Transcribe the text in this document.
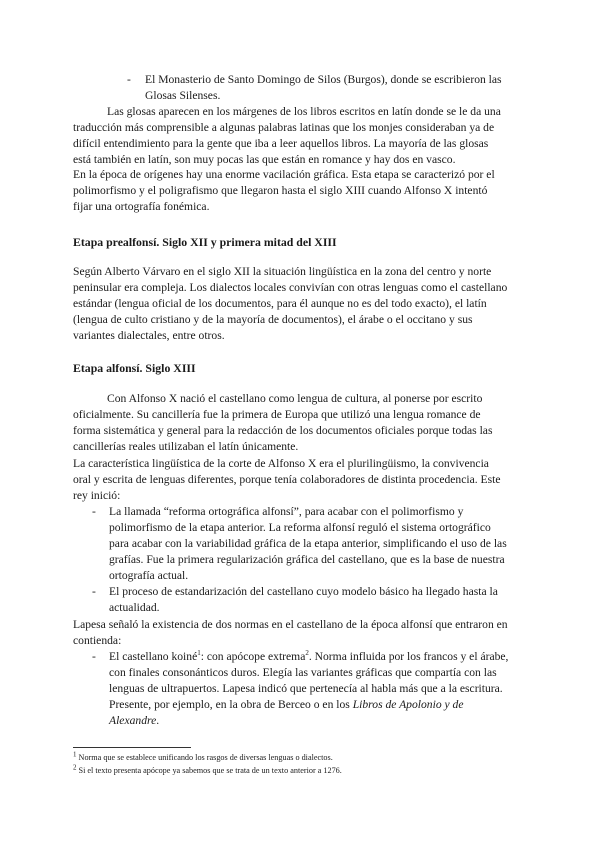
- El Monasterio de Santo Domingo de Silos (Burgos), donde se escribieron las

Glosas Silenses.

Las glosas aparecen en los márgenes de los libros escritos en latín donde se le da una

traducción más comprensible a algunas palabras latinas que los monjes consideraban ya de

difícil entendimiento para la gente que iba a leer aquellos libros. La mayoría de las glosas

está también en latín, son muy pocas las que están en romance y hay dos en vasco.

En la época de orígenes hay una enorme vacilación gráfica. Esta etapa se caracterizó por el

polimorfismo y el poligrafismo que llegaron hasta el siglo XIII cuando Alfonso X intentó

fijar una ortografía fonémica.

Etapa prealfonsí. Siglo XII y primera mitad del XIII

Según Alberto Várvaro en el siglo XII la situación lingüística en la zona del centro y norte

peninsular era compleja. Los dialectos locales convivían con otras lenguas como el castellano

estándar (lengua oficial de los documentos, para él aunque no es del todo exacto), el latín

(lengua de culto cristiano y de la mayoría de documentos), el árabe o el occitano y sus

variantes dialectales, entre otros.

Etapa alfonsí. Siglo XIII

Con Alfonso X nació el castellano como lengua de cultura, al ponerse por escrito

oficialmente. Su cancillería fue la primera de Europa que utilizó una lengua romance de

forma sistemática y general para la redacción de los documentos oficiales porque todas las

cancillerías reales utilizaban el latín únicamente.

La característica lingüística de la corte de Alfonso X era el plurilingüismo, la convivencia

oral y escrita de lenguas diferentes, porque tenía colaboradores de distinta procedencia. Este

rey inició:

- La llamada “reforma ortográfica alfonsí”, para acabar con el polimorfismo y

polimorfismo de la etapa anterior. La reforma alfonsí reguló el sistema ortográfico

para acabar con la variabilidad gráfica de la etapa anterior, simplificando el uso de las

grafías. Fue la primera regularización gráfica del castellano, que es la base de nuestra

ortografía actual.

- El proceso de estandarización del castellano cuyo modelo básico ha llegado hasta la

actualidad.

Lapesa señaló la existencia de dos normas en el castellano de la época alfonsí que entraron en

contienda:

- El castellano koiné$^1$: con apócope extrema$^2$. Norma influida por los francos y el árabe,

con finales consonánticos duros. Elegía las variantes gráficas que compartía con las

lenguas de ultrapuertos. Lapesa indicó que pertenecía al habla más que a la escritura.

Presente, por ejemplo, en la obra de Berceo o en los Libros de Apolonio y de

Alexandre.

$^1$ Norma que se establece unificando los rasgos de diversas lenguas o dialectos.
$^2$ Si el texto presenta apócope ya sabemos que se trata de un texto anterior a 1276.
